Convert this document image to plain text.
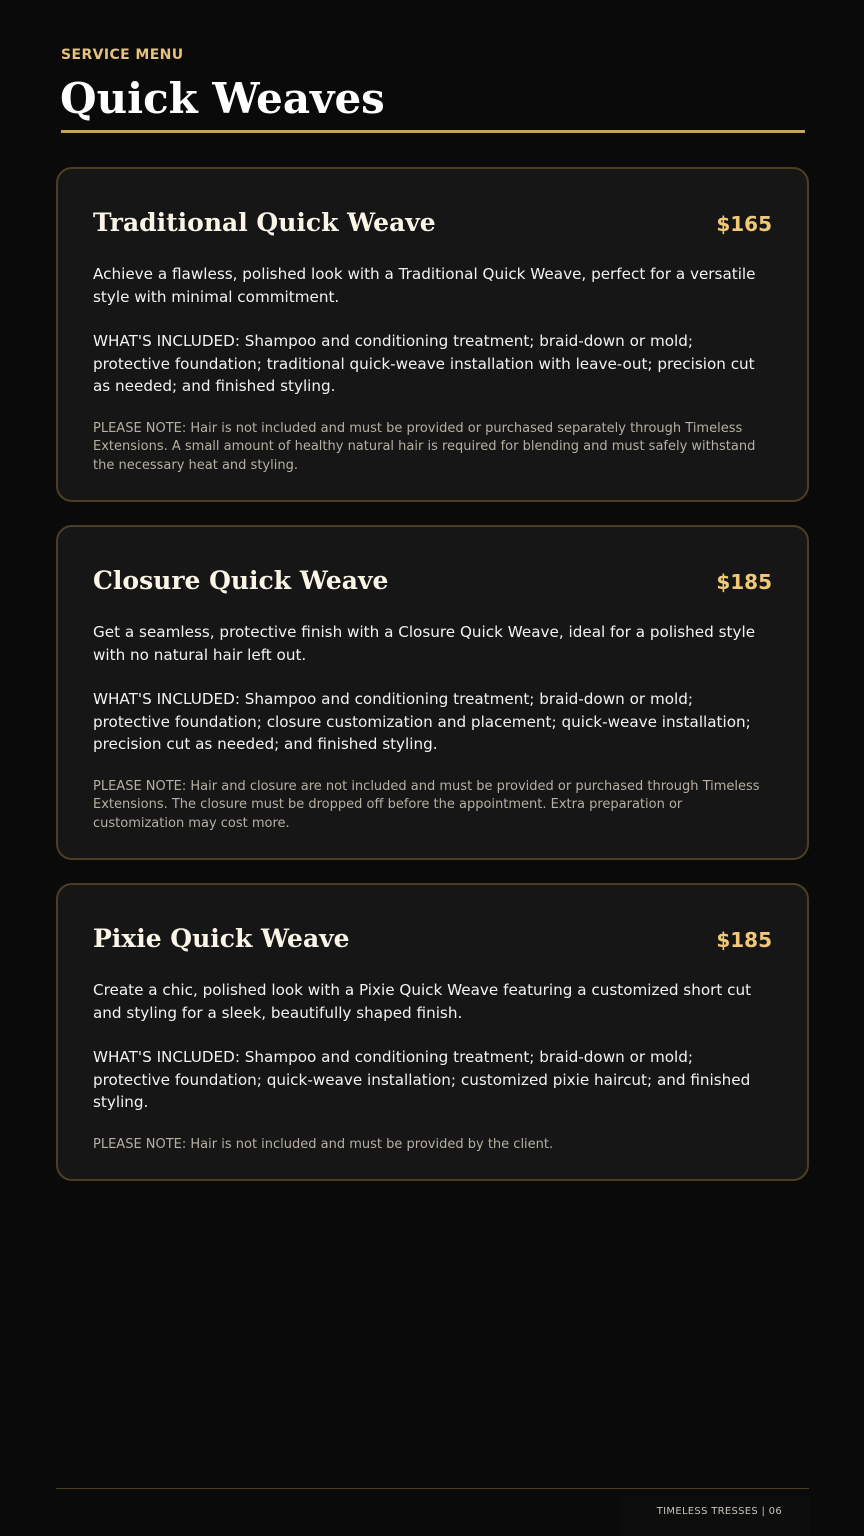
SERVICE MENU
Quick Weaves
Traditional Quick Weave	$165

Achieve a flawless, polished look with a Traditional Quick Weave, perfect for a versatile style with minimal commitment.

WHAT'S INCLUDED: Shampoo and conditioning treatment; braid-down or mold; protective foundation; traditional quick-weave installation with leave-out; precision cut as needed; and finished styling.

PLEASE NOTE: Hair is not included and must be provided or purchased separately through Timeless Extensions. A small amount of healthy natural hair is required for blending and must safely withstand the necessary heat and styling.

Closure Quick Weave	$185

Get a seamless, protective finish with a Closure Quick Weave, ideal for a polished style with no natural hair left out.

WHAT'S INCLUDED: Shampoo and conditioning treatment; braid-down or mold; protective foundation; closure customization and placement; quick-weave installation; precision cut as needed; and finished styling.

PLEASE NOTE: Hair and closure are not included and must be provided or purchased through Timeless Extensions. The closure must be dropped off before the appointment. Extra preparation or customization may cost more.

Pixie Quick Weave	$185

Create a chic, polished look with a Pixie Quick Weave featuring a customized short cut and styling for a sleek, beautifully shaped finish.

WHAT'S INCLUDED: Shampoo and conditioning treatment; braid-down or mold; protective foundation; quick-weave installation; customized pixie haircut; and finished styling.

PLEASE NOTE: Hair is not included and must be provided by the client.

TIMELESS TRESSES | 06
